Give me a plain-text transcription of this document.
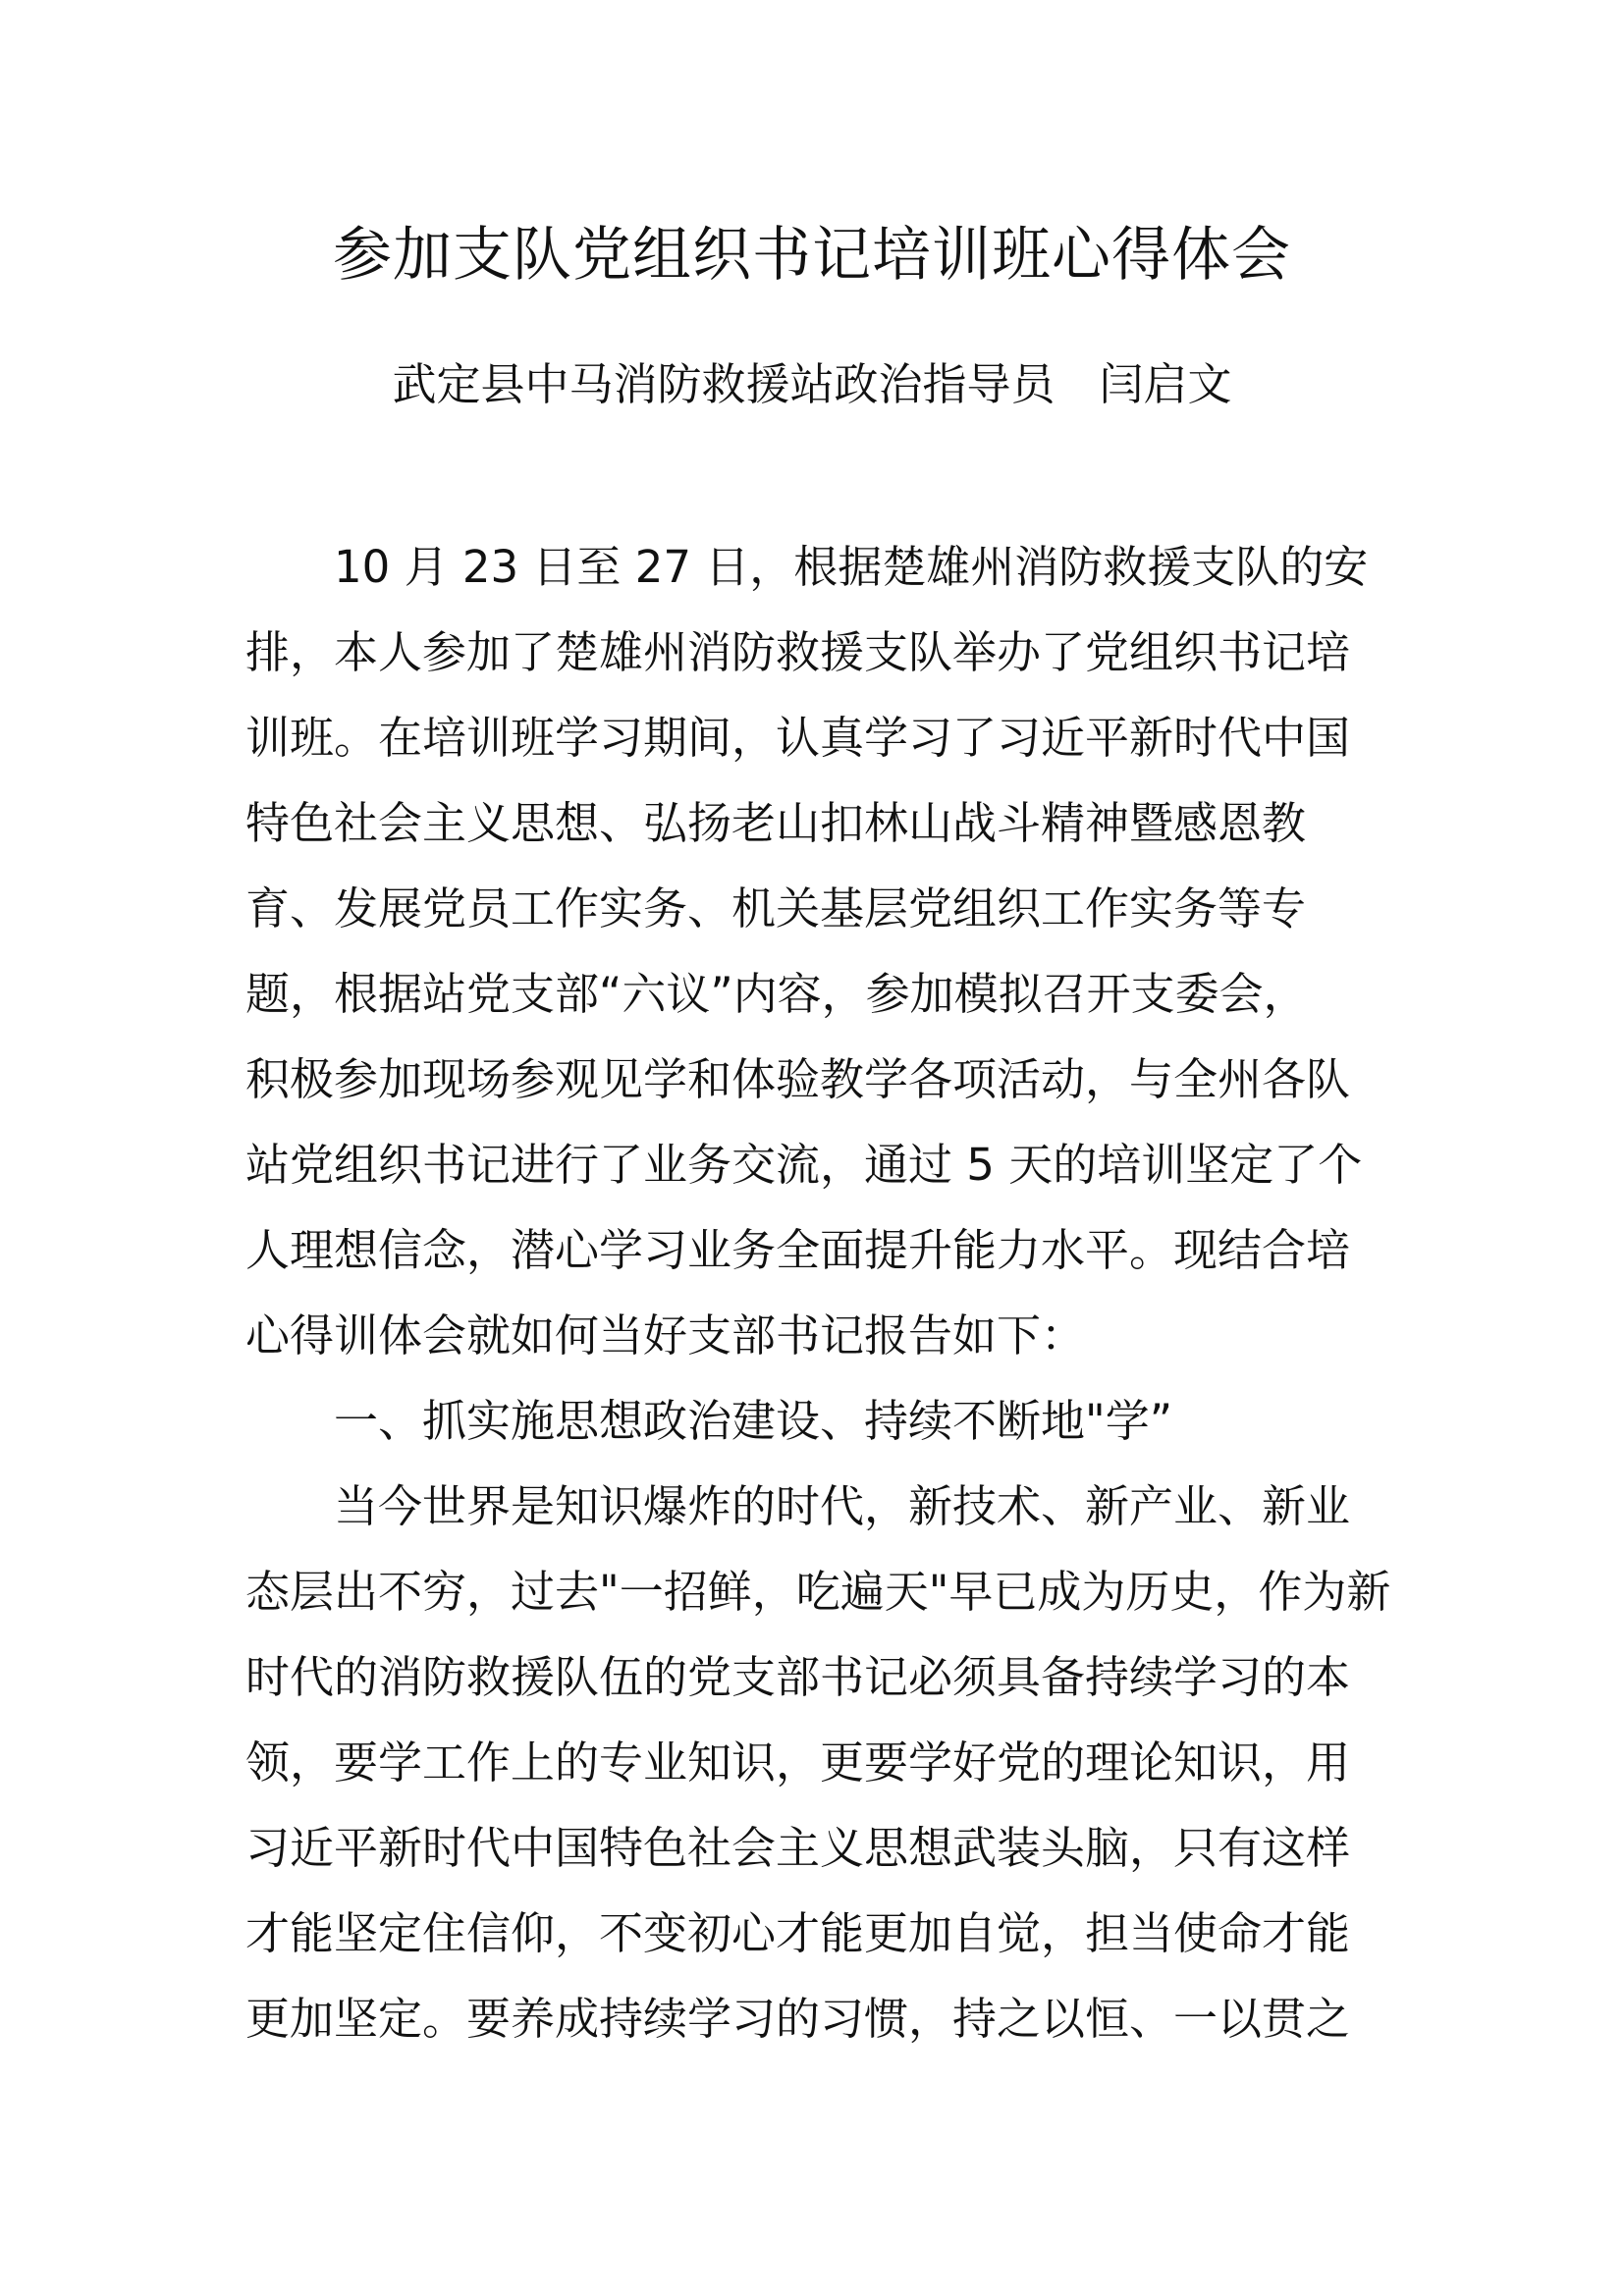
参加支队党组织书记培训班心得体会
武定县中马消防救援站政治指导员 闫启文
　　10 月 23 日至 27 日，根据楚雄州消防救援支队的安
排，本人参加了楚雄州消防救援支队举办了党组织书记培
训班。在培训班学习期间，认真学习了习近平新时代中国
特色社会主义思想、弘扬老山扣林山战斗精神暨感恩教
育、发展党员工作实务、机关基层党组织工作实务等专
题，根据站党支部“六议”内容，参加模拟召开支委会，
积极参加现场参观见学和体验教学各项活动，与全州各队
站党组织书记进行了业务交流，通过 5 天的培训坚定了个
人理想信念，潜心学习业务全面提升能力水平。现结合培
心得训体会就如何当好支部书记报告如下：
　　一、抓实施思想政治建设、持续不断地"学”
　　当今世界是知识爆炸的时代，新技术、新产业、新业
态层出不穷，过去"一招鲜，吃遍天"早已成为历史，作为新
时代的消防救援队伍的党支部书记必须具备持续学习的本
领，要学工作上的专业知识，更要学好党的理论知识，用
习近平新时代中国特色社会主义思想武装头脑，只有这样
才能坚定住信仰，不变初心才能更加自觉，担当使命才能
更加坚定。要养成持续学习的习惯，持之以恒、一以贯之
